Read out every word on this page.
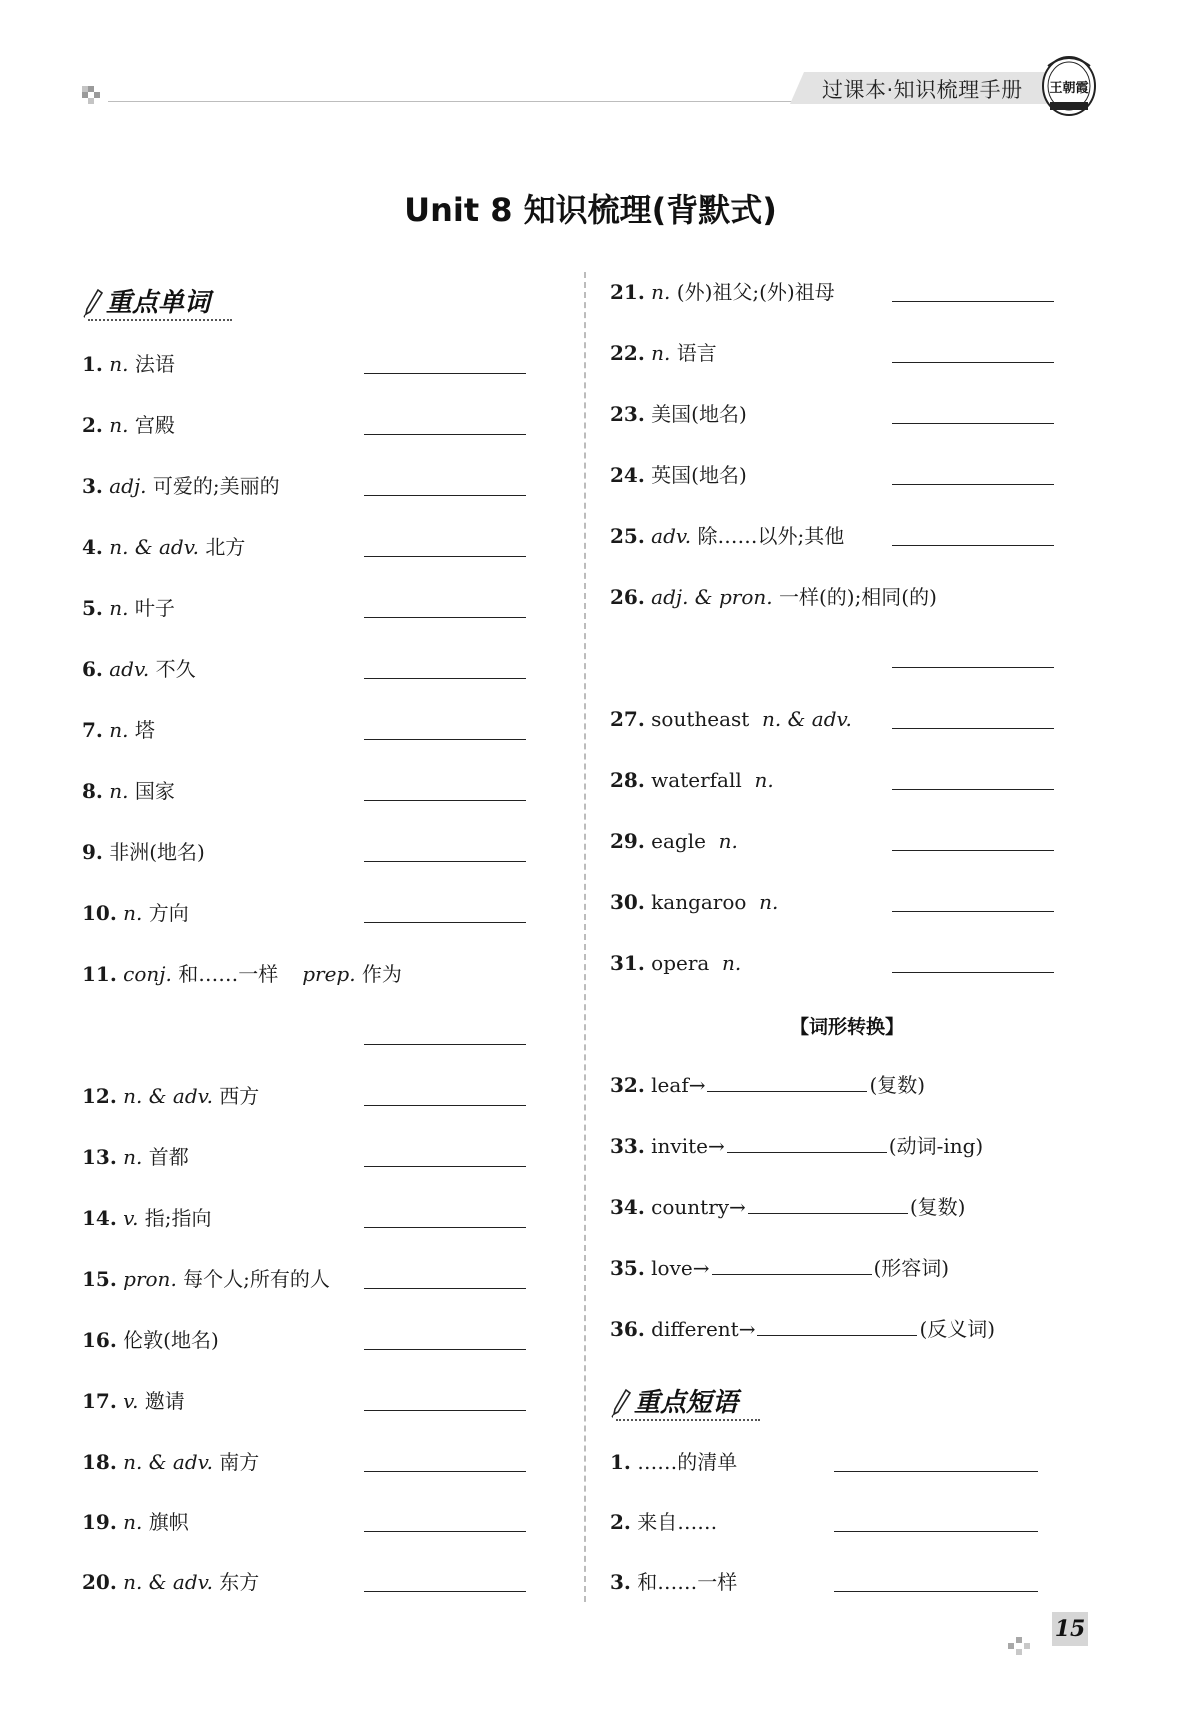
过课本·知识梳理手册 王朝霞
Unit 8 知识梳理(背默式)
重点单词
1. n. 法语
2. n. 宫殿
3. adj. 可爱的;美丽的
4. n. & adv. 北方
5. n. 叶子
6. adv. 不久
7. n. 塔
8. n. 国家
9. 非洲(地名)
10. n. 方向
11. conj. 和……一样 prep. 作为
12. n. & adv. 西方
13. n. 首都
14. v. 指;指向
15. pron. 每个人;所有的人
16. 伦敦(地名)
17. v. 邀请
18. n. & adv. 南方
19. n. 旗帜
20. n. & adv. 东方
21. n. (外)祖父;(外)祖母
22. n. 语言
23. 美国(地名)
24. 英国(地名)
25. adv. 除……以外;其他
26. adj. & pron. 一样(的);相同(的)
27. southeast n. & adv.
28. waterfall n.
29. eagle n.
30. kangaroo n.
31. opera n.
【词形转换】
32. leaf→	(复数)
33. invite→	(动词-ing)
34. country→	(复数)
35. love→	(形容词)
36. different→	(反义词)
重点短语
1. ……的清单
2. 来自……
3. 和……一样
15
